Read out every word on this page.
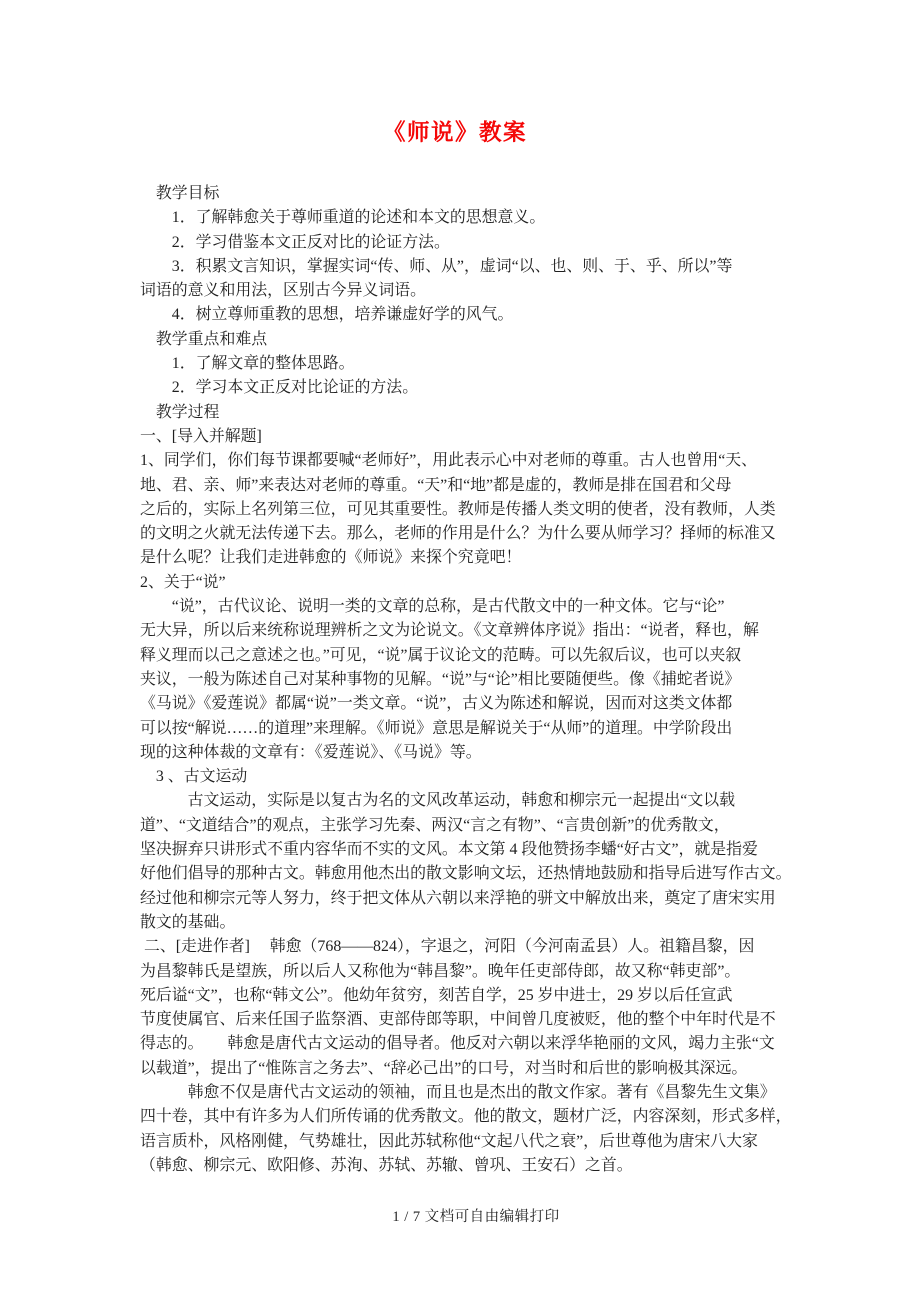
《师说》教案
　教学目标
　　1．了解韩愈关于尊师重道的论述和本文的思想意义。
　　2．学习借鉴本文正反对比的论证方法。
　　3．积累文言知识，掌握实词“传、师、从”，虚词“以、也、则、于、乎、所以”等
词语的意义和用法，区别古今异义词语。
　　4．树立尊师重教的思想，培养谦虚好学的风气。
　教学重点和难点
　　1．了解文章的整体思路。
　　2．学习本文正反对比论证的方法。
　教学过程
一、[导入并解题]
1、同学们，你们每节课都要喊“老师好”，用此表示心中对老师的尊重。古人也曾用“天、
地、君、亲、师”来表达对老师的尊重。“天”和“地”都是虚的，教师是排在国君和父母
之后的，实际上名列第三位，可见其重要性。教师是传播人类文明的使者，没有教师，人类
的文明之火就无法传递下去。那么，老师的作用是什么？为什么要从师学习？择师的标准又
是什么呢？让我们走进韩愈的《师说》来探个究竟吧！
2、关于“说”
　　“说”，古代议论、说明一类的文章的总称，是古代散文中的一种文体。它与“论”
无大异，所以后来统称说理辨析之文为论说文。《文章辨体序说》指出：“说者，释也，解
释义理而以己之意述之也。”可见，“说”属于议论文的范畴。可以先叙后议，也可以夹叙
夹议，一般为陈述自己对某种事物的见解。“说”与“论”相比要随便些。像《捕蛇者说》
《马说》《爱莲说》都属“说”一类文章。“说”，古义为陈述和解说，因而对这类文体都
可以按“解说……的道理”来理解。《师说》意思是解说关于“从师”的道理。中学阶段出
现的这种体裁的文章有：《爱莲说》、《马说》等。
　3 、古文运动
　　　古文运动，实际是以复古为名的文风改革运动，韩愈和柳宗元一起提出“文以载
道”、“文道结合”的观点，主张学习先秦、两汉“言之有物”、“言贵创新”的优秀散文，
坚决摒弃只讲形式不重内容华而不实的文风。本文第 4 段他赞扬李蟠“好古文”，就是指爱
好他们倡导的那种古文。韩愈用他杰出的散文影响文坛，还热情地鼓励和指导后进写作古文。
经过他和柳宗元等人努力，终于把文体从六朝以来浮艳的骈文中解放出来，奠定了唐宋实用
散文的基础。
二、[走进作者]　 韩愈（768——824），字退之，河阳（今河南孟县）人。祖籍昌黎，因
为昌黎韩氏是望族，所以后人又称他为“韩昌黎”。晚年任吏部侍郎，故又称“韩吏部”。
死后谥“文”，也称“韩文公”。他幼年贫穷，刻苦自学，25 岁中进士，29 岁以后任宣武
节度使属官、后来任国子监祭酒、吏部侍郎等职，中间曾几度被贬，他的整个中年时代是不
得志的。　　韩愈是唐代古文运动的倡导者。他反对六朝以来浮华艳丽的文风，竭力主张“文
以载道”，提出了“惟陈言之务去”、“辞必己出”的口号，对当时和后世的影响极其深远。
　　　韩愈不仅是唐代古文运动的领袖，而且也是杰出的散文作家。著有《昌黎先生文集》
四十卷，其中有许多为人们所传诵的优秀散文。他的散文，题材广泛，内容深刻，形式多样，
语言质朴，风格刚健，气势雄壮，因此苏轼称他“文起八代之衰”，后世尊他为唐宋八大家
（韩愈、柳宗元、欧阳修、苏洵、苏轼、苏辙、曾巩、王安石）之首。
1 / 7 文档可自由编辑打印
